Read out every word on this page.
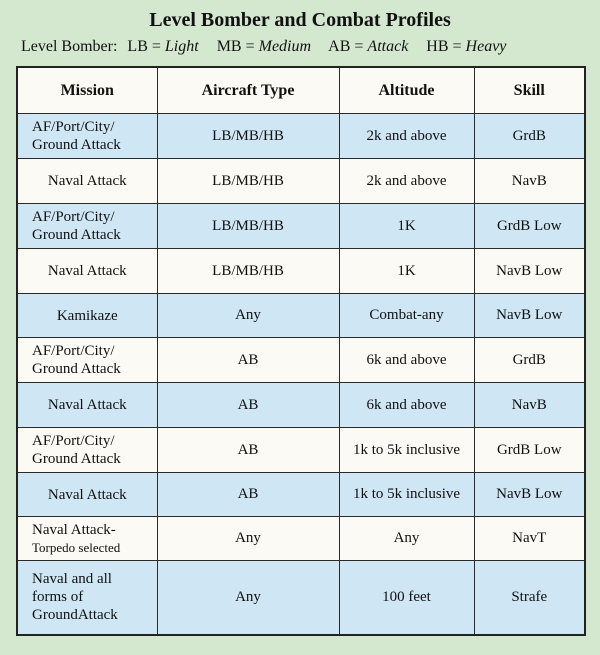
Level Bomber and Combat Profiles
Level Bomber: LB = Light MB = Medium AB = Attack HB = Heavy
Mission	Aircraft Type	Altitude	Skill

AF/Port/City/
Ground Attack	LB/MB/HB	2k and above	GrdB

Naval Attack	LB/MB/HB	2k and above	NavB

AF/Port/City/
Ground Attack	LB/MB/HB	1K	GrdB Low

Naval Attack	LB/MB/HB	1K	NavB Low

Kamikaze	Any	Combat-any	NavB Low

AF/Port/City/
Ground Attack	AB	6k and above	GrdB

Naval Attack	AB	6k and above	NavB

AF/Port/City/
Ground Attack	AB	1k to 5k inclusive	GrdB Low

Naval Attack	AB	1k to 5k inclusive	NavB Low

Naval Attack-
Torpedo selected	Any	Any	NavT

Naval and all
forms of
GroundAttack	Any	100 feet	Strafe
